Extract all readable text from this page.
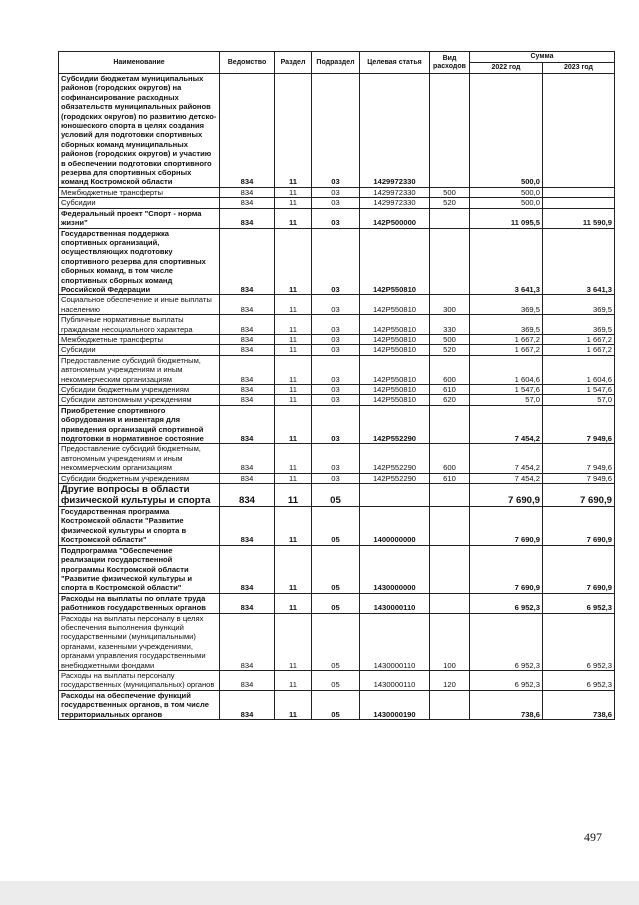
Наименование	Ведомство	Раздел	Подраздел	Целевая статья	Вид расходов	Сумма	
						2022 год	2023 год
Субсидии бюджетам муниципальных районов (городских округов) на софинансирование расходных обязательств муниципальных районов (городских округов) по развитию детско-юношеского спорта в целях создания условий для подготовки спортивных сборных команд муниципальных районов (городских округов) и участию в обеспечении подготовки спортивного резерва для спортивных сборных команд Костромской области	834	11	03	1429972330		500,0	
Межбюджетные трансферты	834	11	03	1429972330	500	500,0	
Субсидии	834	11	03	1429972330	520	500,0	
Федеральный проект "Спорт - норма жизни"	834	11	03	142P500000		11 095,5	11 590,9
Государственная поддержка спортивных организаций, осуществляющих подготовку спортивного резерва для спортивных сборных команд, в том числе спортивных сборных команд Российской Федерации	834	11	03	142P550810		3 641,3	3 641,3
Социальное обеспечение и иные выплаты населению	834	11	03	142P550810	300	369,5	369,5
Публичные нормативные выплаты гражданам несоциального характера	834	11	03	142P550810	330	369,5	369,5
Межбюджетные трансферты	834	11	03	142P550810	500	1 667,2	1 667,2
Субсидии	834	11	03	142P550810	520	1 667,2	1 667,2
Предоставление субсидий бюджетным, автономным учреждениям и иным некоммерческим организациям	834	11	03	142P550810	600	1 604,6	1 604,6
Субсидии бюджетным учреждениям	834	11	03	142P550810	610	1 547,6	1 547,6
Субсидии автономным учреждениям	834	11	03	142P550810	620	57,0	57,0
Приобретение спортивного оборудования и инвентаря для приведения организаций спортивной подготовки в нормативное состояние	834	11	03	142P552290		7 454,2	7 949,6
Предоставление субсидий бюджетным, автономным учреждениям и иным некоммерческим организациям	834	11	03	142P552290	600	7 454,2	7 949,6
Субсидии бюджетным учреждениям	834	11	03	142P552290	610	7 454,2	7 949,6
Другие вопросы в области физической культуры и спорта	834	11	05			7 690,9	7 690,9
Государственная программа Костромской области "Развитие физической культуры и спорта в Костромской области"	834	11	05	1400000000		7 690,9	7 690,9
Подпрограмма "Обеспечение реализации государственной программы Костромской области "Развитие физической культуры и спорта в Костромской области"	834	11	05	1430000000		7 690,9	7 690,9
Расходы на выплаты по оплате труда работников государственных органов	834	11	05	1430000110		6 952,3	6 952,3
Расходы на выплаты персоналу в целях обеспечения выполнения функций государственными (муниципальными) органами, казенными учреждениями, органами управления государственными внебюджетными фондами	834	11	05	1430000110	100	6 952,3	6 952,3
Расходы на выплаты персоналу государственных (муниципальных) органов	834	11	05	1430000110	120	6 952,3	6 952,3
Расходы на обеспечение функций государственных органов, в том числе территориальных органов	834	11	05	1430000190		738,6	738,6
497
